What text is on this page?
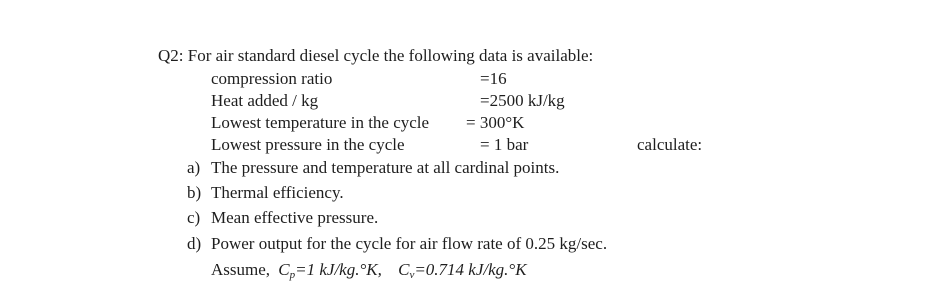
Q2: For air standard diesel cycle the following data is available:
compression ratio	=16
Heat added / kg	=2500 kJ/kg
Lowest temperature in the cycle = 300°K
Lowest pressure in the cycle	= 1 bar	calculate:
a) The pressure and temperature at all cardinal points.
b) Thermal efficiency.
c) Mean effective pressure.
d) Power output for the cycle for air flow rate of 0.25 kg/sec.
Assume, $C_p=1$ kJ/kg.°K, $C_v=0.714$ kJ/kg.°K
